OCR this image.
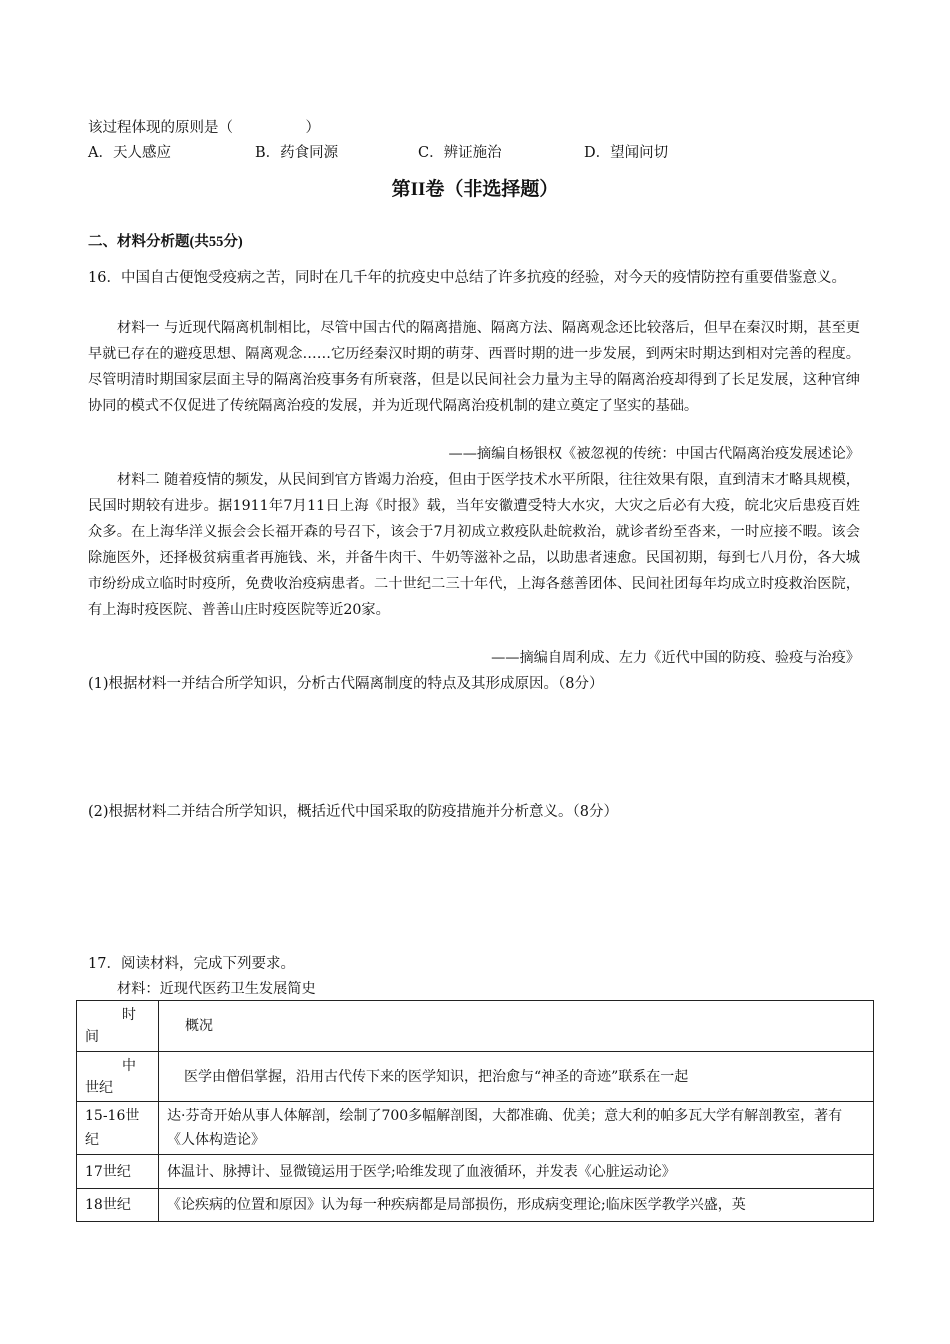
该过程体现的原则是（　　　　　）
A．天人感应	B．药食同源	C．辨证施治	D．望闻问切
第II卷（非选择题）
二、材料分析题(共55分)
16．中国自古便饱受疫病之苦，同时在几千年的抗疫史中总结了许多抗疫的经验，对今天的疫情防控有重要借鉴意义。
材料一 与近现代隔离机制相比，尽管中国古代的隔离措施、隔离方法、隔离观念还比较落后，但早在秦汉时期，甚至更早就已存在的避疫思想、隔离观念……它历经秦汉时期的萌芽、西晋时期的进一步发展，到两宋时期达到相对完善的程度。尽管明清时期国家层面主导的隔离治疫事务有所衰落，但是以民间社会力量为主导的隔离治疫却得到了长足发展，这种官绅协同的模式不仅促进了传统隔离治疫的发展，并为近现代隔离治疫机制的建立奠定了坚实的基础。
——摘编自杨银权《被忽视的传统：中国古代隔离治疫发展述论》
材料二 随着疫情的频发，从民间到官方皆竭力治疫，但由于医学技术水平所限，往往效果有限，直到清末才略具规模，民国时期较有进步。据1911年7月11日上海《时报》载，当年安徽遭受特大水灾，大灾之后必有大疫，皖北灾后患疫百姓众多。在上海华洋义振会会长福开森的号召下，该会于7月初成立救疫队赴皖救治，就诊者纷至沓来，一时应接不暇。该会除施医外，还择极贫病重者再施钱、米，并备牛肉干、牛奶等滋补之品，以助患者速愈。民国初期，每到七八月份，各大城市纷纷成立临时时疫所，免费收治疫病患者。二十世纪二三十年代，上海各慈善团体、民间社团每年均成立时疫救治医院，有上海时疫医院、普善山庄时疫医院等近20家。
——摘编自周利成、左力《近代中国的防疫、验疫与治疫》
(1)根据材料一并结合所学知识，分析古代隔离制度的特点及其形成原因。（8分）
(2)根据材料二并结合所学知识，概括近代中国采取的防疫措施并分析意义。（8分）
17．阅读材料，完成下列要求。
材料：近现代医药卫生发展简史
时
间	概况

中
世纪	医学由僧侣掌握，沿用古代传下来的医学知识，把治愈与“神圣的奇迹”联系在一起
15-16世纪	达·芬奇开始从事人体解剖，绘制了700多幅解剖图，大都准确、优美；意大利的帕多瓦大学有解剖教室，著有《人体构造论》
17世纪	体温计、脉搏计、显微镜运用于医学;哈维发现了血液循环，并发表《心脏运动论》
18世纪	《论疾病的位置和原因》认为每一种疾病都是局部损伤，形成病变理论;临床医学教学兴盛，英
